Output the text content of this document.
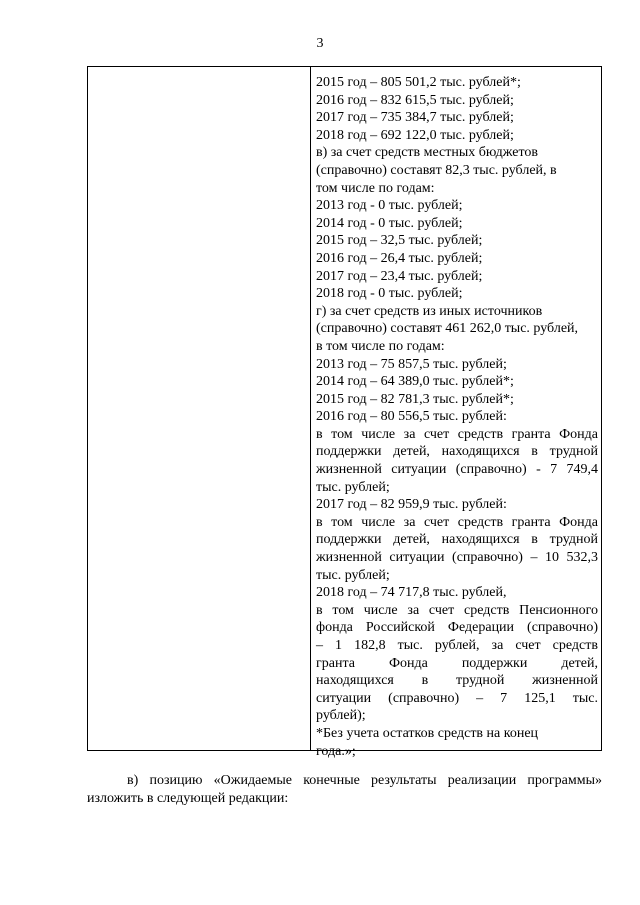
3
2015 год – 805 501,2 тыс. рублей*;
2016 год – 832 615,5 тыс. рублей;
2017 год – 735 384,7 тыс. рублей;
2018 год – 692 122,0 тыс. рублей;
в) за счет средств местных бюджетов
(справочно) составят 82,3 тыс. рублей, в
том числе по годам:
2013 год - 0 тыс. рублей;
2014 год - 0 тыс. рублей;
2015 год – 32,5 тыс. рублей;
2016 год – 26,4 тыс. рублей;
2017 год – 23,4 тыс. рублей;
2018 год - 0 тыс. рублей;
г) за счет средств из иных источников
(справочно) составят 461 262,0 тыс. рублей,
в том числе по годам:
2013 год – 75 857,5 тыс. рублей;
2014 год – 64 389,0 тыс. рублей*;
2015 год – 82 781,3 тыс. рублей*;
2016 год – 80 556,5 тыс. рублей:
в том числе за счет средств гранта Фонда
поддержки детей, находящихся в трудной
жизненной ситуации (справочно) - 7 749,4
тыс. рублей;
2017 год – 82 959,9 тыс. рублей:
в том числе за счет средств гранта Фонда
поддержки детей, находящихся в трудной
жизненной ситуации (справочно) – 10 532,3
тыс. рублей;
2018 год – 74 717,8 тыс. рублей,
в том числе за счет средств Пенсионного
фонда Российской Федерации (справочно)
– 1 182,8 тыс. рублей, за счет средств
гранта Фонда поддержки детей,
находящихся в трудной жизненной
ситуации (справочно) – 7 125,1 тыс.
рублей);
*Без учета остатков средств на конец
года.»;
в) позицию «Ожидаемые конечные результаты реализации программы»
изложить в следующей редакции:
